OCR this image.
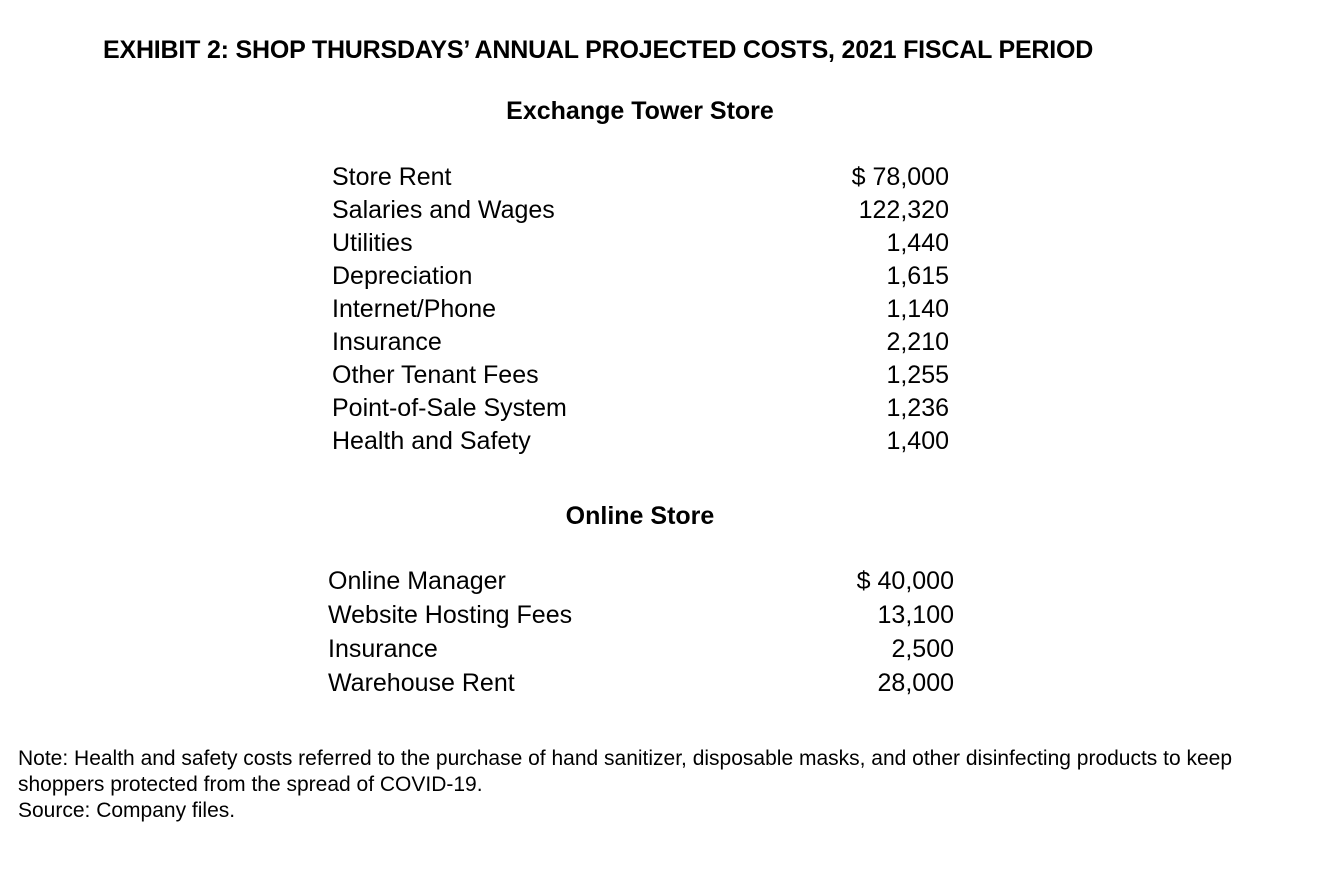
EXHIBIT 2: SHOP THURSDAYS’ ANNUAL PROJECTED COSTS, 2021 FISCAL PERIOD
Exchange Tower Store
Store Rent	$ 78,000
Salaries and Wages	122,320
Utilities	1,440
Depreciation	1,615
Internet/Phone	1,140
Insurance	2,210
Other Tenant Fees	1,255
Point-of-Sale System	1,236
Health and Safety	1,400
Online Store
Online Manager	$ 40,000
Website Hosting Fees	13,100
Insurance	2,500
Warehouse Rent	28,000

Note: Health and safety costs referred to the purchase of hand sanitizer, disposable masks, and other disinfecting products to keep shoppers protected from the spread of COVID-19.

Source: Company files.
